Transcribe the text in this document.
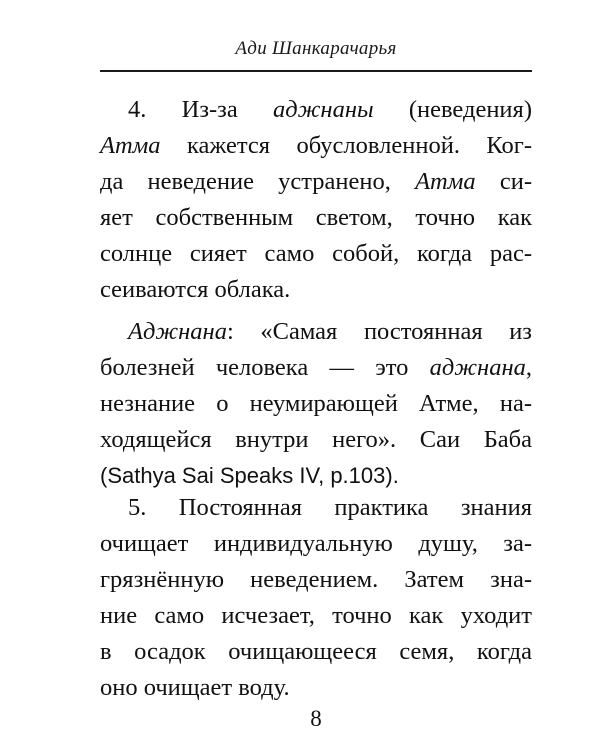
Ади Шанкарачарья
4. Из-за аджнаны (неведения)
Атма кажется обусловленной. Ког-
да неведение устранено, Атма си-
яет собственным светом, точно как
солнце сияет само собой, когда рас-
сеиваются облака.
Аджнана: «Самая постоянная из
болезней человека — это аджнана,
незнание о неумирающей Атме, на-
ходящейся внутри него». Саи Баба
(Sathya Sai Speaks IV, p.103).
5. Постоянная практика знания
очищает индивидуальную душу, за-
грязнённую неведением. Затем зна-
ние само исчезает, точно как уходит
в осадок очищающееся семя, когда
оно очищает воду.
8
